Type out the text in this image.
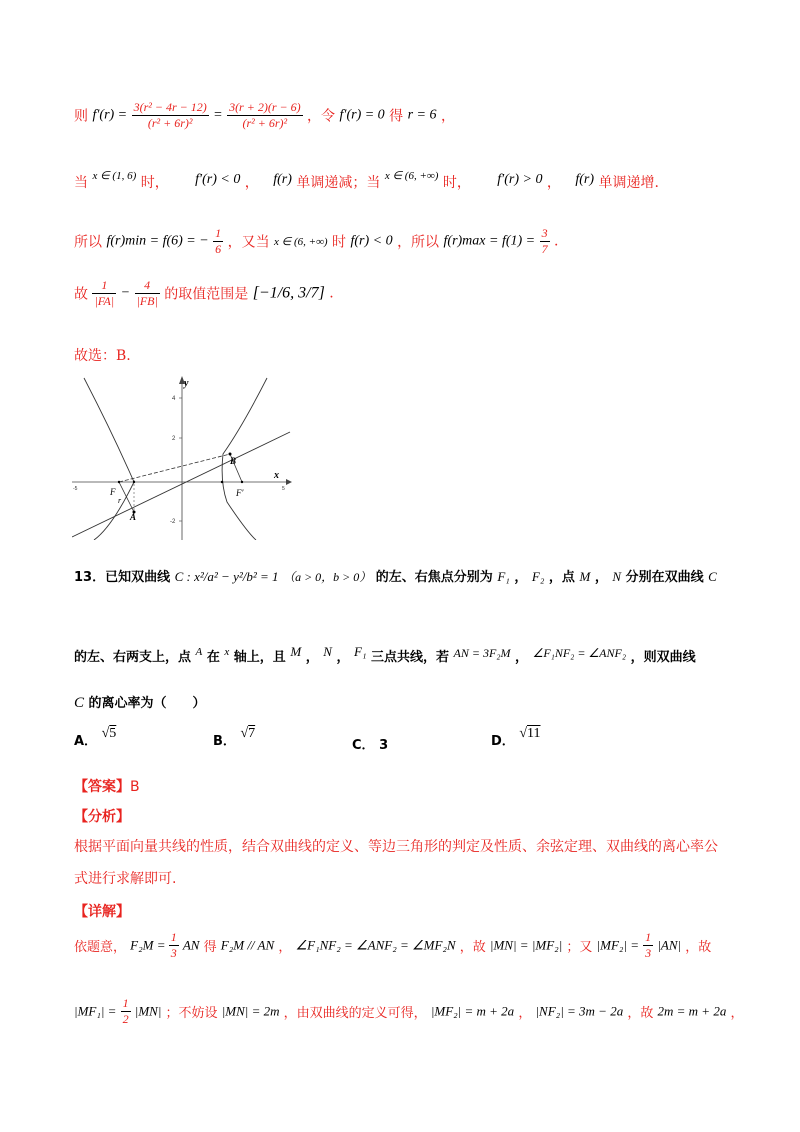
则 $f'(r) = \frac{\text{3(r² − 4r − 12)}}{\text{(r² + 6r)²}} = \frac{3(r + 2)(r - 6)}{\text{(r² + 6r)²}}$ ，令 f′(r) = 0 得 r = 6 ，
当 $^{x \in (1, 6)}$ 时， f′(r) < 0 ， f(r) 单调递减；当 $^{x \in (6, +\infty)}$ 时， f′(r) > 0 ， f(r) 单调递增.
所以 f(r)min = f(6) = − $\frac{1}{6}$ ，又当 x ∈ (6, +∞) 时 f(r) < 0 ，所以 $f(r)\max = f(1) = \frac{3}{7}$ .
故 $\frac{1}{|FA|} - \frac{4}{|FB|}$ 的取值范围是 [−1/6, 3/7] .
故选：B.
4
2
-2
-5	5
y
x
B
A
F
r
F′
13．已知双曲线 C : x²/a² − y²/b² = 1 （a > 0，b > 0） 的左、右焦点分别为 F₁ ， F₂ ，点 M ， N 分别在双曲线 C
的左、右两支上，点 $^A$ 在 $^x$ 轴上，且 M ， N ， F₁ 三点共线，若 AN = 3F₂M ， ∠F₁NF₂ = ∠ANF₂ ，则双曲线
C 的离心率为（　　）
A． √5
B． √7
C． 3	D． √11
【答案】B
【分析】
根据平面向量共线的性质，结合双曲线的定义、等边三角形的判定及性质、余弦定理、双曲线的离心率公
式进行求解即可.
【详解】
依题意， $F_2M = \frac{1}{3}$ AN 得 F₂M // AN ， ∠F₁NF₂ = ∠ANF₂ = ∠MF₂N ，故 |MN| = |MF₂| ；又 $|MF_2| = \frac{1}{3} |AN|$ ，故
$|MF_1| = \frac{1}{2} |MN|$ ；不妨设 |MN| = 2m ，由双曲线的定义可得， |MF₂| = m + 2a ， |NF₂| = 3m − 2a ，故 2m = m + 2a ，
